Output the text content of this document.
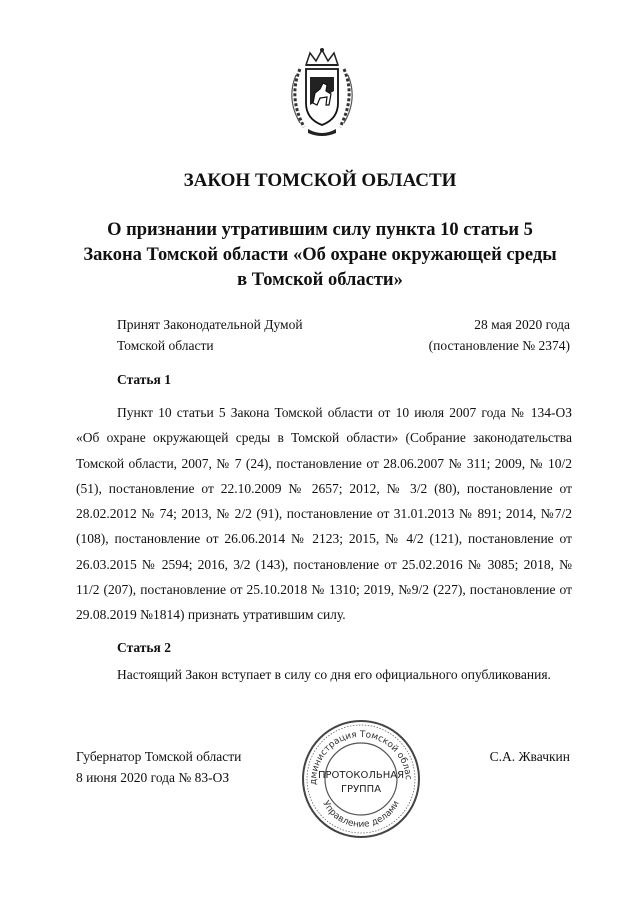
ЗАКОН ТОМСКОЙ ОБЛАСТИ
О признании утратившим силу пункта 10 статьи 5
Закона Томской области «Об охране окружающей среды
в Томской области»
Принят Законодательной Думой
Томской области
28 мая 2020 года
(постановление № 2374)
Статья 1
Пункт 10 статьи 5 Закона Томской области от 10 июля 2007 года № 134-ОЗ «Об охране окружающей среды в Томской области» (Собрание законодательства Томской области, 2007, № 7 (24), постановление от 28.06.2007 № 311; 2009, № 10/2 (51), постановление от 22.10.2009 № 2657; 2012, № 3/2 (80), постановление от 28.02.2012 № 74; 2013, № 2/2 (91), постановление от 31.01.2013 № 891; 2014, №7/2 (108), постановление от 26.06.2014 № 2123; 2015, № 4/2 (121), постановление от 26.03.2015 № 2594; 2016, 3/2 (143), постановление от 25.02.2016 № 3085; 2018, № 11/2 (207), постановление от 25.10.2018 № 1310; 2019, №9/2 (227), постановление от 29.08.2019 №1814) признать утратившим силу.
Статья 2
Настоящий Закон вступает в силу со дня его официального опубликования.
Губернатор Томской области
8 июня 2020 года № 83-ОЗ
С.А. Жвачкин
дминистрация Томской облас
Управление делами
ПРОТОКОЛЬНАЯ
ГРУППА
